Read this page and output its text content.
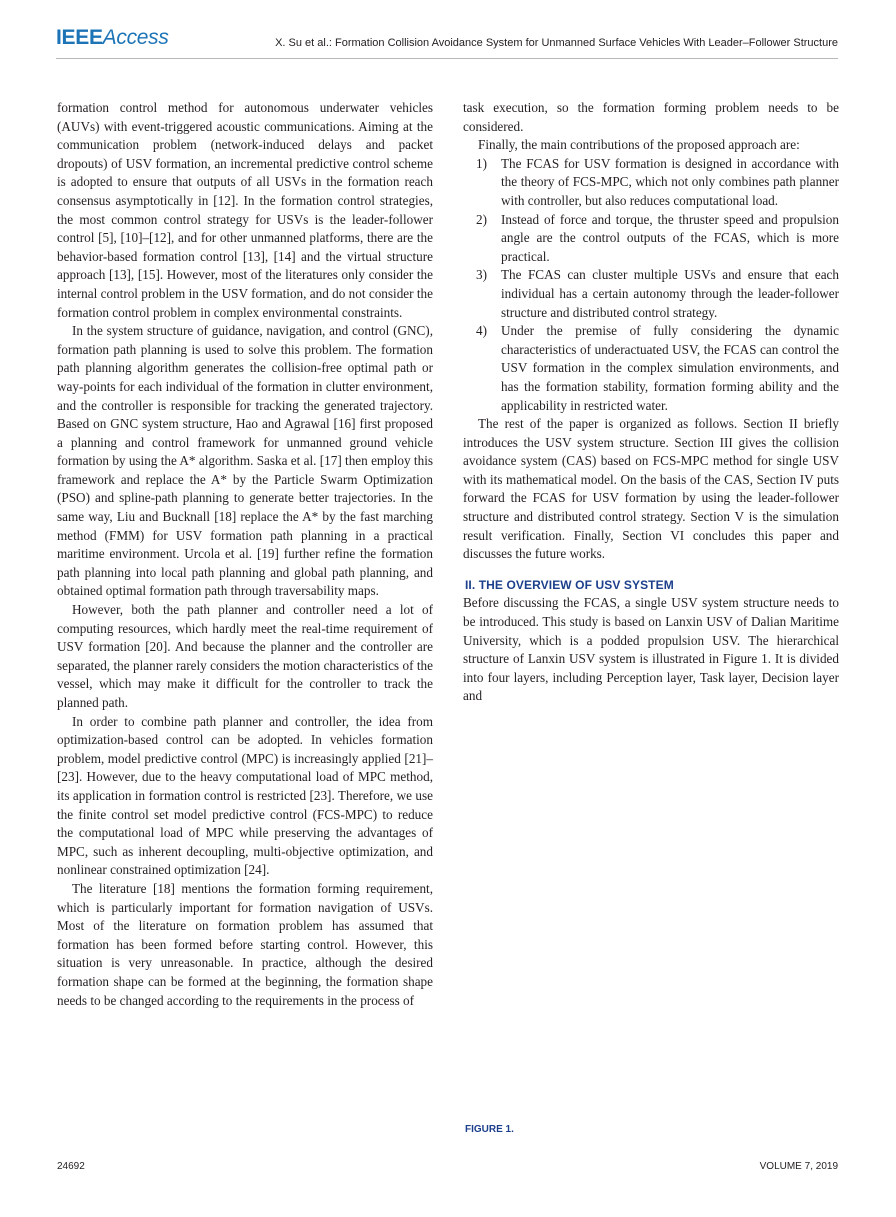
IEEEAccess	X. Su et al.: Formation Collision Avoidance System for Unmanned Surface Vehicles With Leader–Follower Structure

formation control method for autonomous underwater vehicles (AUVs) with event-triggered acoustic communications. Aiming at the communication problem (network-induced delays and packet dropouts) of USV formation, an incremental predictive control scheme is adopted to ensure that outputs of all USVs in the formation reach consensus asymptotically in [12]. In the formation control strategies, the most common control strategy for USVs is the leader-follower control [5], [10]–[12], and for other unmanned platforms, there are the behavior-based formation control [13], [14] and the virtual structure approach [13], [15]. However, most of the literatures only consider the internal control problem in the USV formation, and do not consider the formation control problem in complex environmental constraints.

In the system structure of guidance, navigation, and control (GNC), formation path planning is used to solve this problem. The formation path planning algorithm generates the collision-free optimal path or way-points for each individual of the formation in clutter environment, and the controller is responsible for tracking the generated trajectory. Based on GNC system structure, Hao and Agrawal [16] first proposed a planning and control framework for unmanned ground vehicle formation by using the A* algorithm. Saska et al. [17] then employ this framework and replace the A* by the Particle Swarm Optimization (PSO) and spline-path planning to generate better trajectories. In the same way, Liu and Bucknall [18] replace the A* by the fast marching method (FMM) for USV formation path planning in a practical maritime environment. Urcola et al. [19] further refine the formation path planning into local path planning and global path planning, and obtained optimal formation path through traversability maps.

However, both the path planner and controller need a lot of computing resources, which hardly meet the real-time requirement of USV formation [20]. And because the planner and the controller are separated, the planner rarely considers the motion characteristics of the vessel, which may make it difficult for the controller to track the planned path.

In order to combine path planner and controller, the idea from optimization-based control can be adopted. In vehicles formation problem, model predictive control (MPC) is increasingly applied [21]–[23]. However, due to the heavy computational load of MPC method, its application in formation control is restricted [23]. Therefore, we use the finite control set model predictive control (FCS-MPC) to reduce the computational load of MPC while preserving the advantages of MPC, such as inherent decoupling, multi-objective optimization, and nonlinear constrained optimization [24].

The literature [18] mentions the formation forming requirement, which is particularly important for formation navigation of USVs. Most of the literature on formation problem has assumed that formation has been formed before starting control. However, this situation is very unreasonable. In practice, although the desired formation shape can be formed at the beginning, the formation shape needs to be changed according to the requirements in the process of

task execution, so the formation forming problem needs to be considered.

Finally, the main contributions of the proposed approach are:

1) The FCAS for USV formation is designed in accordance with the theory of FCS-MPC, which not only combines path planner with controller, but also reduces computational load.
2) Instead of force and torque, the thruster speed and propulsion angle are the control outputs of the FCAS, which is more practical.
3) The FCAS can cluster multiple USVs and ensure that each individual has a certain autonomy through the leader-follower structure and distributed control strategy.
4) Under the premise of fully considering the dynamic characteristics of underactuated USV, the FCAS can control the USV formation in the complex simulation environments, and has the formation stability, formation forming ability and the applicability in restricted water.

The rest of the paper is organized as follows. Section II briefly introduces the USV system structure. Section III gives the collision avoidance system (CAS) based on FCS-MPC method for single USV with its mathematical model. On the basis of the CAS, Section IV puts forward the FCAS for USV formation by using the leader-follower structure and distributed control strategy. Section V is the simulation result verification. Finally, Section VI concludes this paper and discusses the future works.

II. THE OVERVIEW OF USV SYSTEM

Before discussing the FCAS, a single USV system structure needs to be introduced. This study is based on Lanxin USV of Dalian Maritime University, which is a podded propulsion USV. The hierarchical structure of Lanxin USV system is illustrated in Figure 1. It is divided into four layers, including Perception layer, Task layer, Decision layer and

FIGURE 1.
24692	VOLUME 7, 2019
